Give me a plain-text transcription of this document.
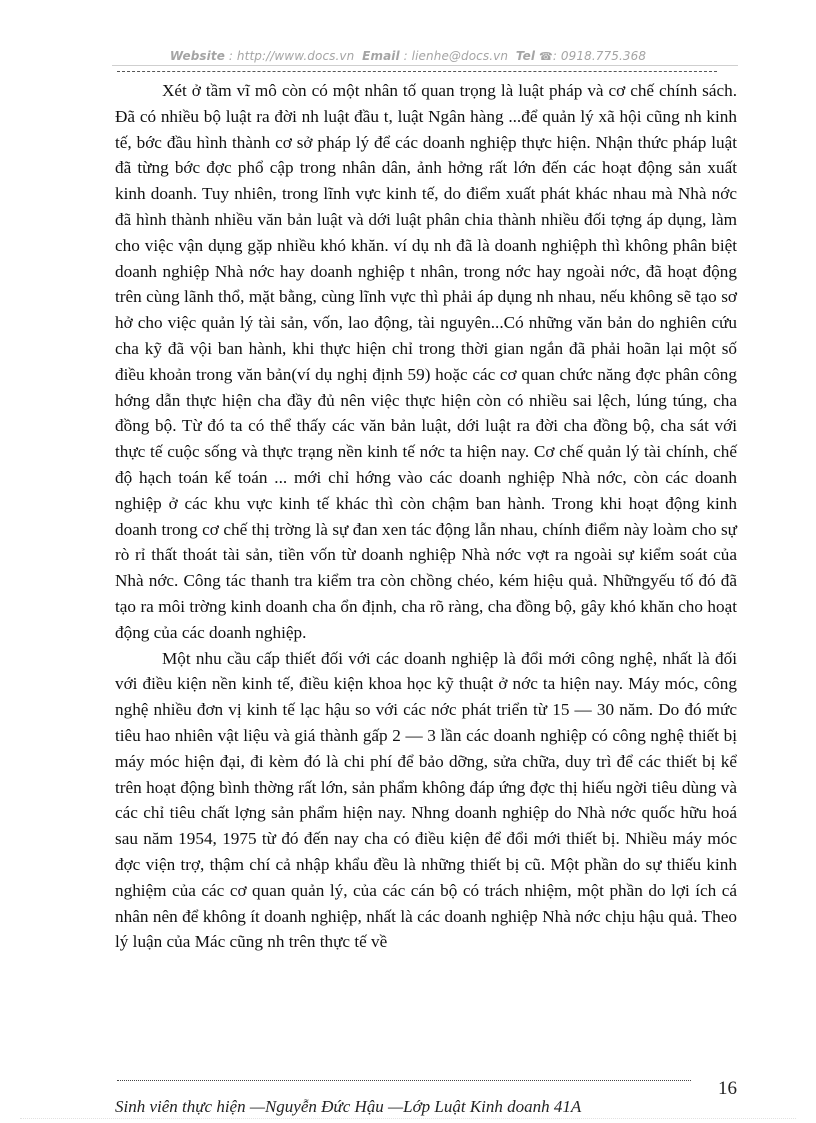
Website : http://www.docs.vn Email : lienhe@docs.vn Tel ☎: 0918.775.368

Xét ở tầm vĩ mô còn có một nhân tố quan trọng là luật pháp và cơ chế chính sách. Đã có nhiều bộ luật ra đời nh luật đầu t, luật Ngân hàng ...để quản lý xã hội cũng nh kinh tế, bớc đầu hình thành cơ sở pháp lý để các doanh nghiệp thực hiện. Nhận thức pháp luật đã từng bớc đợc phổ cập trong nhân dân, ảnh hởng rất lớn đến các hoạt động sản xuất kinh doanh. Tuy nhiên, trong lĩnh vực kinh tế, do điểm xuất phát khác nhau mà Nhà nớc đã hình thành nhiều văn bản luật và dới luật phân chia thành nhiều đối tợng áp dụng, làm cho việc vận dụng gặp nhiều khó khăn. ví dụ nh đã là doanh nghiệph thì không phân biệt doanh nghiệp Nhà nớc hay doanh nghiệp t nhân, trong nớc hay ngoài nớc, đã hoạt động trên cùng lãnh thổ, mặt bằng, cùng lĩnh vực thì phải áp dụng nh nhau, nếu không sẽ tạo sơ hở cho việc quản lý tài sản, vốn, lao động, tài nguyên...Có những văn bản do nghiên cứu cha kỹ đã vội ban hành, khi thực hiện chỉ trong thời gian ngắn đã phải hoãn lại một số điều khoản trong văn bản(ví dụ nghị định 59) hoặc các cơ quan chức năng đợc phân công hớng dẫn thực hiện cha đầy đủ nên việc thực hiện còn có nhiều sai lệch, lúng túng, cha đồng bộ. Từ đó ta có thể thấy các văn bản luật, dới luật ra đời cha đồng bộ, cha sát với thực tế cuộc sống và thực trạng nền kinh tế nớc ta hiện nay. Cơ chế quản lý tài chính, chế độ hạch toán kế toán ... mới chỉ hớng vào các doanh nghiệp Nhà nớc, còn các doanh nghiệp ở các khu vực kinh tế khác thì còn chậm ban hành. Trong khi hoạt động kinh doanh trong cơ chế thị trờng là sự đan xen tác động lẫn nhau, chính điểm này loàm cho sự rò rỉ thất thoát tài sản, tiền vốn từ doanh nghiệp Nhà nớc vợt ra ngoài sự kiểm soát của Nhà nớc. Công tác thanh tra kiểm tra còn chồng chéo, kém hiệu quả. Nhữngyếu tố đó đã tạo ra môi trờng kinh doanh cha ổn định, cha rõ ràng, cha đồng bộ, gây khó khăn cho hoạt động của các doanh nghiệp.

Một nhu cầu cấp thiết đối với các doanh nghiệp là đổi mới công nghệ, nhất là đối với điều kiện nền kinh tế, điều kiện khoa học kỹ thuật ở nớc ta hiện nay. Máy móc, công nghệ nhiều đơn vị kinh tế lạc hậu so với các nớc phát triển từ 15 — 30 năm. Do đó mức tiêu hao nhiên vật liệu và giá thành gấp 2 — 3 lần các doanh nghiệp có công nghệ thiết bị máy móc hiện đại, đi kèm đó là chi phí để bảo dỡng, sửa chữa, duy trì để các thiết bị kể trên hoạt động bình thờng rất lớn, sản phẩm không đáp ứng đợc thị hiếu ngời tiêu dùng và các chỉ tiêu chất lợng sản phẩm hiện nay. Nhng doanh nghiệp do Nhà nớc quốc hữu hoá sau năm 1954, 1975 từ đó đến nay cha có điều kiện để đổi mới thiết bị. Nhiều máy móc đợc viện trợ, thậm chí cả nhập khẩu đều là những thiết bị cũ. Một phần do sự thiếu kinh nghiệm của các cơ quan quản lý, của các cán bộ có trách nhiệm, một phần do lợi ích cá nhân nên để không ít doanh nghiệp, nhất là các doanh nghiệp Nhà nớc chịu hậu quả. Theo lý luận của Mác cũng nh trên thực tế về

16
Sinh viên thực hiện —Nguyễn Đức Hậu —Lớp Luật Kinh doanh 41A
